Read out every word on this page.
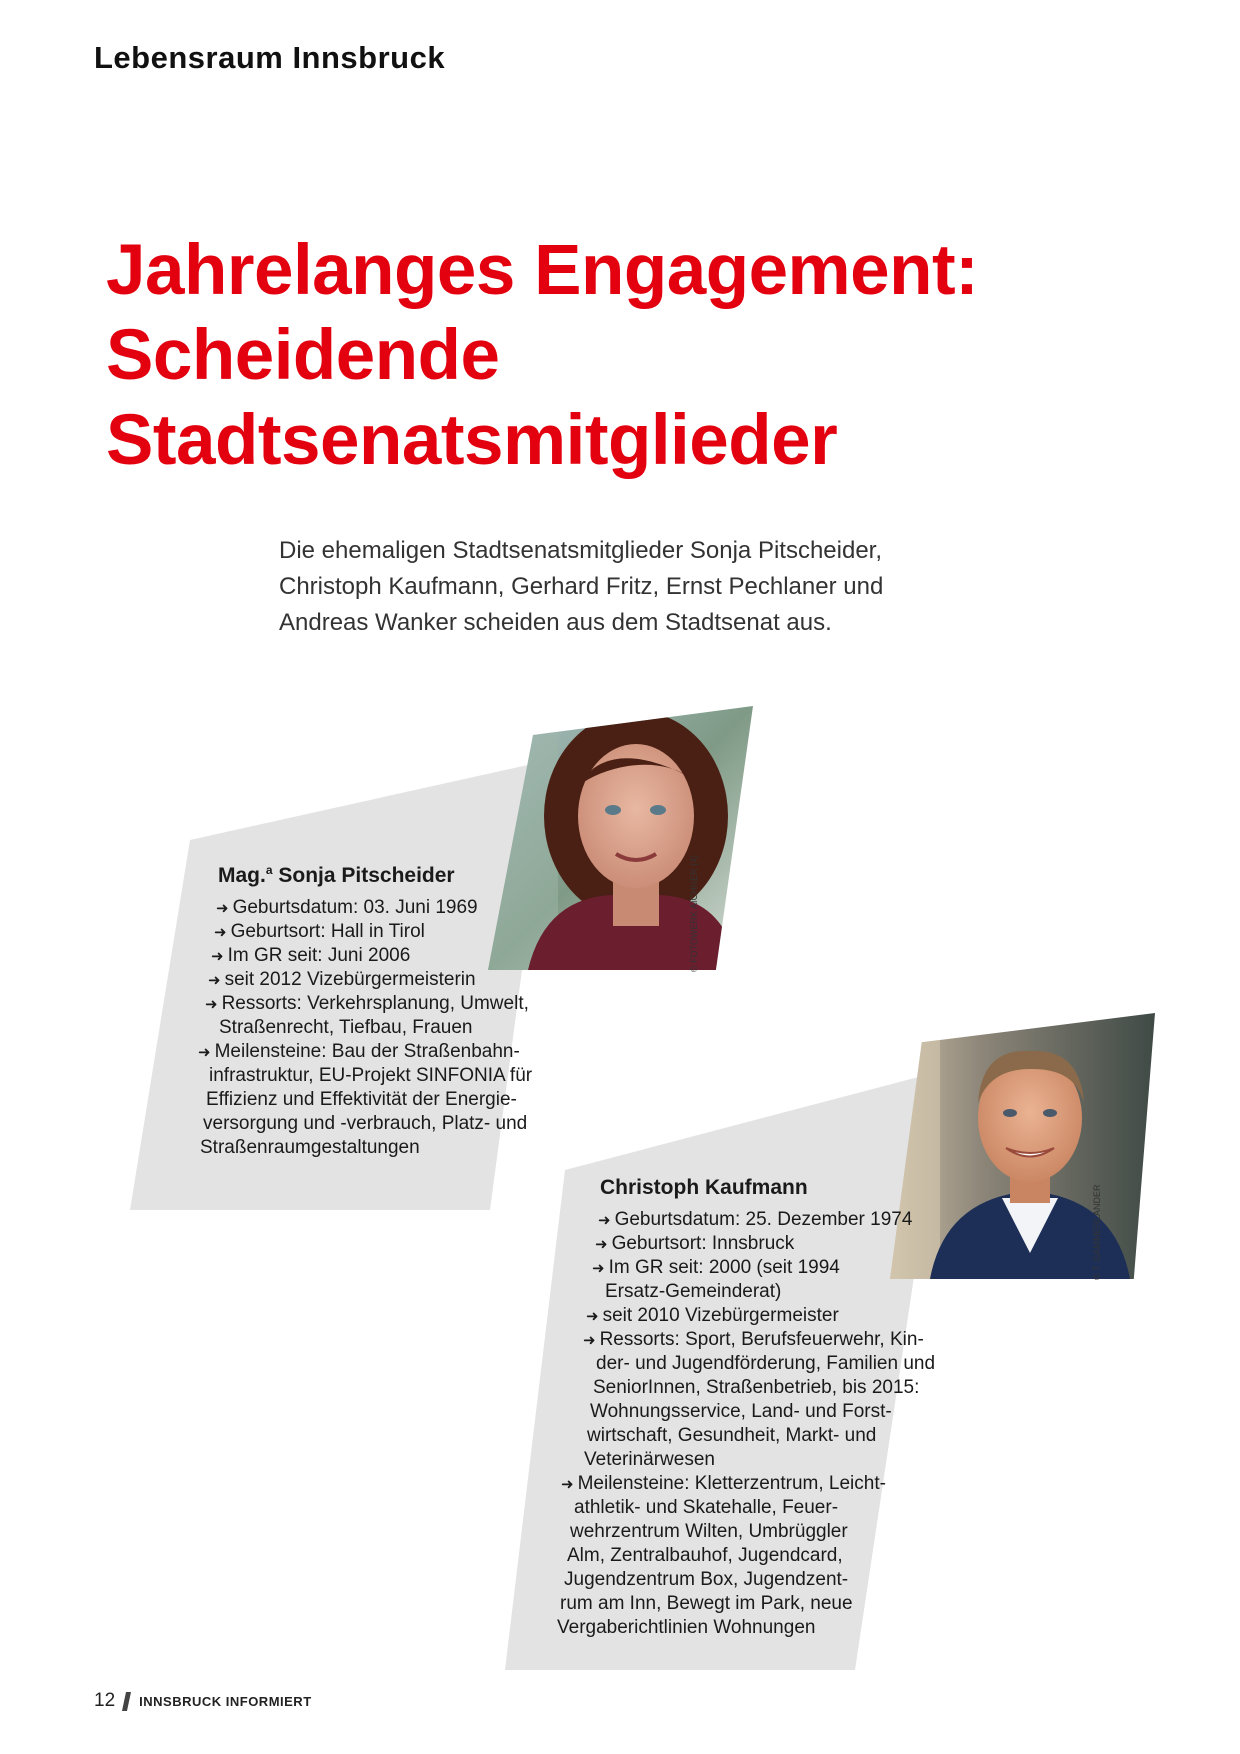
Lebensraum Innsbruck
Jahrelanges Engagement:
Scheidende
Stadtsenatsmitglieder

Die ehemaligen Stadtsenatsmitglieder Sonja Pitscheider, Christoph Kaufmann, Gerhard Fritz, Ernst Pechlaner und Andreas Wanker scheiden aus dem Stadtsenat aus.

© FOTOWERK AICHNER (4)
Mag.$^a$ Sonja Pitscheider
➜ Geburtsdatum: 03. Juni 1969
➜ Geburtsort: Hall in Tirol
➜ Im GR seit: Juni 2006
➜ seit 2012 Vizebürgermeisterin
➜ Ressorts: Verkehrsplanung, Umwelt,
Straßenrecht, Tiefbau, Frauen
➜ Meilensteine: Bau der Straßenbahn-
infrastruktur, EU-Projekt SINFONIA für
Effizienz und Effektivität der Energie-
versorgung und -verbrauch, Platz- und
Straßenraumgestaltungen
© T. GAMMERLANDER
Christoph Kaufmann
➜ Geburtsdatum: 25. Dezember 1974
➜ Geburtsort: Innsbruck
➜ Im GR seit: 2000 (seit 1994
Ersatz-Gemeinderat)
➜ seit 2010 Vizebürgermeister
➜ Ressorts: Sport, Berufsfeuerwehr, Kin-
der- und Jugendförderung, Familien und
SeniorInnen, Straßenbetrieb, bis 2015:
Wohnungsservice, Land- und Forst-
wirtschaft, Gesundheit, Markt- und
Veterinärwesen
➜ Meilensteine: Kletterzentrum, Leicht-
athletik- und Skatehalle, Feuer-
wehrzentrum Wilten, Umbrüggler
Alm, Zentralbauhof, Jugendcard,
Jugendzentrum Box, Jugendzent-
rum am Inn, Bewegt im Park, neue
Vergaberichtlinien Wohnungen
12 INNSBRUCK INFORMIERT
